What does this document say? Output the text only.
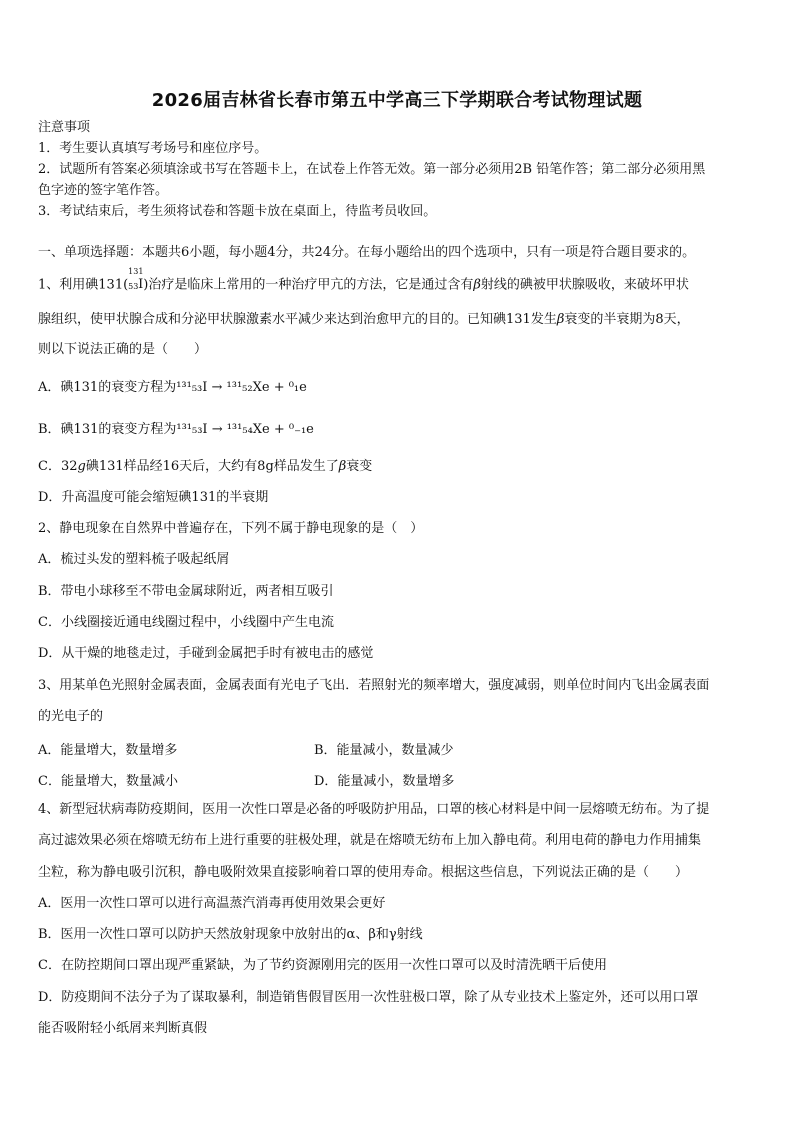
2026届吉林省长春市第五中学高三下学期联合考试物理试题
注意事项
1．考生要认真填写考场号和座位序号。
2．试题所有答案必须填涂或书写在答题卡上，在试卷上作答无效。第一部分必须用2B 铅笔作答；第二部分必须用黑
色字迹的签字笔作答。
3．考试结束后，考生须将试卷和答题卡放在桌面上，待监考员收回。
一、单项选择题：本题共6小题，每小题4分，共24分。在每小题给出的四个选项中，只有一项是符合题目要求的。
1、利用碘131(
131
53 I)治疗是临床上常用的一种治疗甲亢的方法，它是通过含有β射线的碘被甲状腺吸收，来破坏甲状
腺组织，使甲状腺合成和分泌甲状腺激素水平减少来达到治愈甲亢的目的。已知碘131发生β衰变的半衰期为8天，
则以下说法正确的是（　　）
A．碘131的衰变方程为¹³¹₅₃I → ¹³¹₅₂Xe + ⁰₁e
B．碘131的衰变方程为¹³¹₅₃I → ¹³¹₅₄Xe + ⁰₋₁e
C．32g碘131样品经16天后，大约有8g样品发生了β衰变
D．升高温度可能会缩短碘131的半衰期
2、静电现象在自然界中普遍存在，下列不属于静电现象的是（　）
A．梳过头发的塑料梳子吸起纸屑
B．带电小球移至不带电金属球附近，两者相互吸引
C．小线圈接近通电线圈过程中，小线圈中产生电流
D．从干燥的地毯走过，手碰到金属把手时有被电击的感觉
3、用某单色光照射金属表面，金属表面有光电子飞出．若照射光的频率增大，强度减弱，则单位时间内飞出金属表面
的光电子的
A．能量增大，数量增多	B．能量减小，数量减少
C．能量增大，数量减小	D．能量减小，数量增多
4、新型冠状病毒防疫期间，医用一次性口罩是必备的呼吸防护用品，口罩的核心材料是中间一层熔喷无纺布。为了提
高过滤效果必须在熔喷无纺布上进行重要的驻极处理，就是在熔喷无纺布上加入静电荷。利用电荷的静电力作用捕集
尘粒，称为静电吸引沉积，静电吸附效果直接影响着口罩的使用寿命。根据这些信息，下列说法正确的是（　　）
A．医用一次性口罩可以进行高温蒸汽消毒再使用效果会更好
B．医用一次性口罩可以防护天然放射现象中放射出的α、β和γ射线
C．在防控期间口罩出现严重紧缺，为了节约资源刚用完的医用一次性口罩可以及时清洗晒干后使用
D．防疫期间不法分子为了谋取暴利，制造销售假冒医用一次性驻极口罩，除了从专业技术上鉴定外，还可以用口罩
能否吸附轻小纸屑来判断真假
